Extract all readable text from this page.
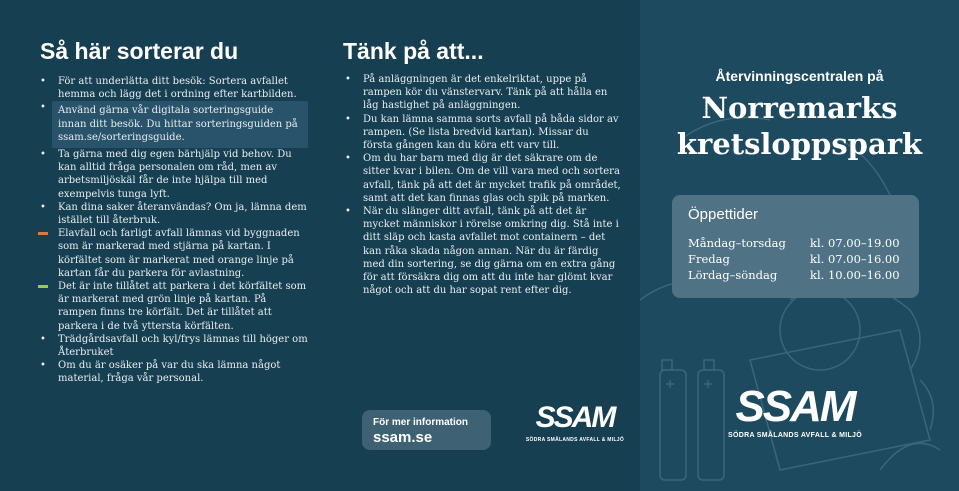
Så här sorterar du
• För att underlätta ditt besök: Sortera avfallet hemma och lägg det i ordning efter kartbilden.
• Använd gärna vår digitala sorteringsguide innan ditt besök. Du hittar sorteringsguiden på ssam.se/sorteringsguide.
• Ta gärna med dig egen bärhjälp vid behov. Du kan alltid fråga personalen om råd, men av arbetsmiljöskäl får de inte hjälpa till med exempelvis tunga lyft.
• Kan dina saker återanvändas? Om ja, lämna dem istället till återbruk.
Elavfall och farligt avfall lämnas vid byggnaden som är markerad med stjärna på kartan. I körfältet som är markerat med orange linje på kartan får du parkera för avlastning.
Det är inte tillåtet att parkera i det körfältet som är markerat med grön linje på kartan. På rampen finns tre körfält. Det är tillåtet att parkera i de två yttersta körfälten.
• Trädgårdsavfall och kyl/frys lämnas till höger om Återbruket
• Om du är osäker på var du ska lämna något material, fråga vår personal.
Tänk på att...
• På anläggningen är det enkelriktat, uppe på rampen kör du vänstervarv. Tänk på att hålla en låg hastighet på anläggningen.
• Du kan lämna samma sorts avfall på båda sidor av rampen. (Se lista bredvid kartan). Missar du första gången kan du köra ett varv till.
• Om du har barn med dig är det säkrare om de sitter kvar i bilen. Om de vill vara med och sortera avfall, tänk på att det är mycket trafik på området, samt att det kan finnas glas och spik på marken.
• När du slänger ditt avfall, tänk på att det är mycket människor i rörelse omkring dig. Stå inte i ditt släp och kasta avfallet mot containern – det kan råka skada någon annan. När du är färdig med din sortering, se dig gärna om en extra gång för att försäkra dig om att du inte har glömt kvar något och att du har sopat rent efter dig.
För mer information
ssam.se
SSAM
SÖDRA SMÅLANDS AVFALL & MILJÖ
Återvinningscentralen på
Norremarks
kretsloppspark
Öppettider
Måndag–torsdag kl. 07.00–19.00
Fredag	kl. 07.00–16.00
Lördag–söndag	kl. 10.00–16.00
SSAM
SÖDRA SMÅLANDS AVFALL & MILJÖ
